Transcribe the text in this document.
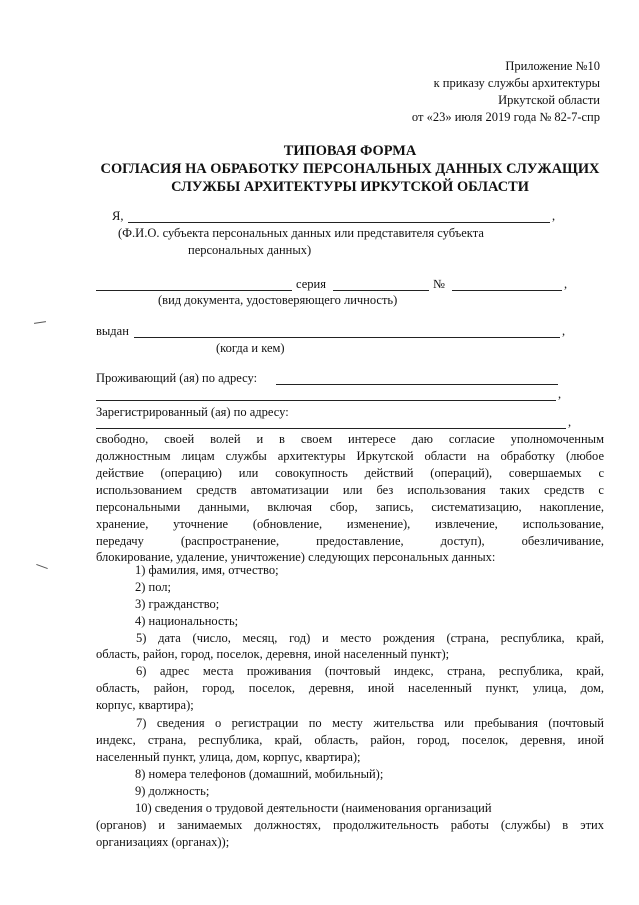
Приложение №10
к приказу службы архитектуры
Иркутской области
от «23» июля 2019 года № 82-7-спр
ТИПОВАЯ ФОРМА
СОГЛАСИЯ НА ОБРАБОТКУ ПЕРСОНАЛЬНЫХ ДАННЫХ СЛУЖАЩИХ
СЛУЖБЫ АРХИТЕКТУРЫ ИРКУТСКОЙ ОБЛАСТИ
Я,	,
(Ф.И.О. субъекта персональных данных или представителя субъекта
персональных данных)
серия	№	,
(вид документа, удостоверяющего личность)
выдан	,
(когда и кем)
Проживающий (ая) по адресу:
,
Зарегистрированный (ая) по адресу:
,
свободно, своей волей и в своем интересе даю согласие уполномоченным
должностным лицам службы архитектуры Иркутской области на обработку (любое
действие (операцию) или совокупность действий (операций), совершаемых с
использованием средств автоматизации или без использования таких средств с
персональными данными, включая сбор, запись, систематизацию, накопление,
хранение, уточнение (обновление, изменение), извлечение, использование,
передачу (распространение, предоставление, доступ), обезличивание,
блокирование, удаление, уничтожение) следующих персональных данных:
1) фамилия, имя, отчество;
2) пол;
3) гражданство;
4) национальность;
5) дата (число, месяц, год) и место рождения (страна, республика, край,
область, район, город, поселок, деревня, иной населенный пункт);
6) адрес места проживания (почтовый индекс, страна, республика, край,
область, район, город, поселок, деревня, иной населенный пункт, улица, дом,
корпус, квартира);
7) сведения о регистрации по месту жительства или пребывания (почтовый
индекс, страна, республика, край, область, район, город, поселок, деревня, иной
населенный пункт, улица, дом, корпус, квартира);
8) номера телефонов (домашний, мобильный);
9) должность;
10) сведения о трудовой деятельности (наименования организаций
(органов) и занимаемых должностях, продолжительность работы (службы) в этих
организациях (органах));
